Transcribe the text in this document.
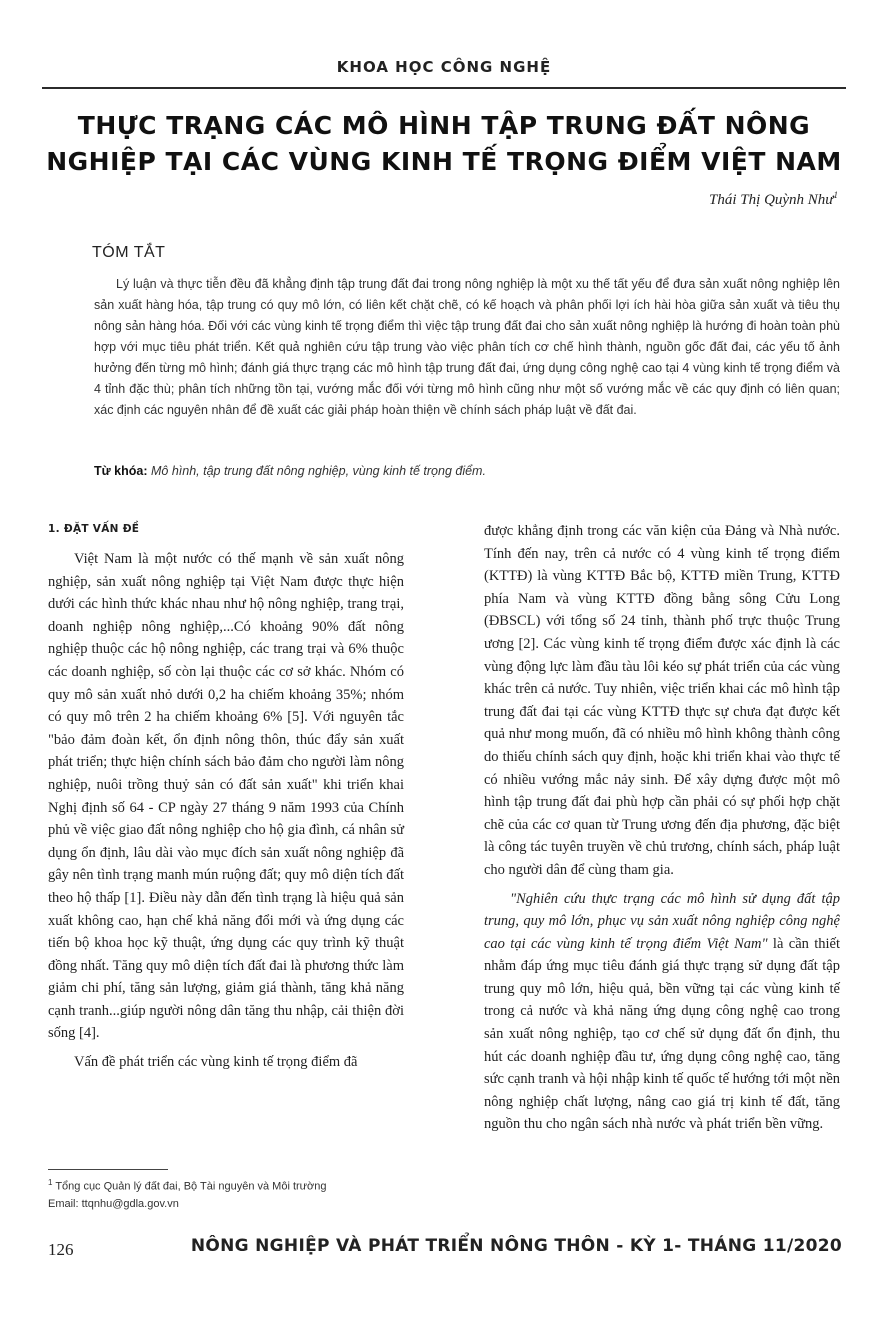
KHOA HỌC CÔNG NGHỆ
THỰC TRẠNG CÁC MÔ HÌNH TẬP TRUNG ĐẤT NÔNG
NGHIỆP TẠI CÁC VÙNG KINH TẾ TRỌNG ĐIỂM VIỆT NAM
Thái Thị Quỳnh Như$^1$
TÓM TẮT
Lý luận và thực tiễn đều đã khẳng định tập trung đất đai trong nông nghiệp là một xu thế tất yếu để đưa sản xuất nông nghiệp lên sản xuất hàng hóa, tập trung có quy mô lớn, có liên kết chặt chẽ, có kế hoạch và phân phối lợi ích hài hòa giữa sản xuất và tiêu thụ nông sản hàng hóa. Đối với các vùng kinh tế trọng điểm thì việc tập trung đất đai cho sản xuất nông nghiệp là hướng đi hoàn toàn phù hợp với mục tiêu phát triển. Kết quả nghiên cứu tập trung vào việc phân tích cơ chế hình thành, nguồn gốc đất đai, các yếu tố ảnh hưởng đến từng mô hình; đánh giá thực trạng các mô hình tập trung đất đai, ứng dụng công nghệ cao tại 4 vùng kinh tế trọng điểm và 4 tỉnh đặc thù; phân tích những tồn tại, vướng mắc đối với từng mô hình cũng như một số vướng mắc về các quy định có liên quan; xác định các nguyên nhân để đề xuất các giải pháp hoàn thiện về chính sách pháp luật về đất đai.
Từ khóa: Mô hình, tập trung đất nông nghiệp, vùng kinh tế trọng điểm.
1. ĐẶT VẤN ĐỀ

Việt Nam là một nước có thế mạnh về sản xuất nông nghiệp, sản xuất nông nghiệp tại Việt Nam được thực hiện dưới các hình thức khác nhau như hộ nông nghiệp, trang trại, doanh nghiệp nông nghiệp,...Có khoảng 90% đất nông nghiệp thuộc các hộ nông nghiệp, các trang trại và 6% thuộc các doanh nghiệp, số còn lại thuộc các cơ sở khác. Nhóm có quy mô sản xuất nhỏ dưới 0,2 ha chiếm khoảng 35%; nhóm có quy mô trên 2 ha chiếm khoảng 6% [5]. Với nguyên tắc "bảo đảm đoàn kết, ổn định nông thôn, thúc đẩy sản xuất phát triển; thực hiện chính sách bảo đảm cho người làm nông nghiệp, nuôi trồng thuỷ sản có đất sản xuất" khi triển khai Nghị định số 64 - CP ngày 27 tháng 9 năm 1993 của Chính phủ về việc giao đất nông nghiệp cho hộ gia đình, cá nhân sử dụng ổn định, lâu dài vào mục đích sản xuất nông nghiệp đã gây nên tình trạng manh mún ruộng đất; quy mô diện tích đất theo hộ thấp [1]. Điều này dẫn đến tình trạng là hiệu quả sản xuất không cao, hạn chế khả năng đổi mới và ứng dụng các tiến bộ khoa học kỹ thuật, ứng dụng các quy trình kỹ thuật đồng nhất. Tăng quy mô diện tích đất đai là phương thức làm giảm chi phí, tăng sản lượng, giảm giá thành, tăng khả năng cạnh tranh...giúp người nông dân tăng thu nhập, cải thiện đời sống [4].

Vấn đề phát triển các vùng kinh tế trọng điểm đã

được khẳng định trong các văn kiện của Đảng và Nhà nước. Tính đến nay, trên cả nước có 4 vùng kinh tế trọng điểm (KTTĐ) là vùng KTTĐ Bắc bộ, KTTĐ miền Trung, KTTĐ phía Nam và vùng KTTĐ đồng bằng sông Cửu Long (ĐBSCL) với tổng số 24 tỉnh, thành phố trực thuộc Trung ương [2]. Các vùng kinh tế trọng điểm được xác định là các vùng động lực làm đầu tàu lôi kéo sự phát triển của các vùng khác trên cả nước. Tuy nhiên, việc triển khai các mô hình tập trung đất đai tại các vùng KTTĐ thực sự chưa đạt được kết quả như mong muốn, đã có nhiều mô hình không thành công do thiếu chính sách quy định, hoặc khi triển khai vào thực tế có nhiều vướng mắc nảy sinh. Để xây dựng được một mô hình tập trung đất đai phù hợp cần phải có sự phối hợp chặt chẽ của các cơ quan từ Trung ương đến địa phương, đặc biệt là công tác tuyên truyền về chủ trương, chính sách, pháp luật cho người dân để cùng tham gia.

"Nghiên cứu thực trạng các mô hình sử dụng đất tập trung, quy mô lớn, phục vụ sản xuất nông nghiệp công nghệ cao tại các vùng kinh tế trọng điểm Việt Nam" là cần thiết nhằm đáp ứng mục tiêu đánh giá thực trạng sử dụng đất tập trung quy mô lớn, hiệu quả, bền vững tại các vùng kinh tế trong cả nước và khả năng ứng dụng công nghệ cao trong sản xuất nông nghiệp, tạo cơ chế sử dụng đất ổn định, thu hút các doanh nghiệp đầu tư, ứng dụng công nghệ cao, tăng sức cạnh tranh và hội nhập kinh tế quốc tế hướng tới một nền nông nghiệp chất lượng, nâng cao giá trị kinh tế đất, tăng nguồn thu cho ngân sách nhà nước và phát triển bền vững.

$^1$ Tổng cục Quản lý đất đai, Bộ Tài nguyên và Môi trường
Email: ttqnhu@gdla.gov.vn
126	NÔNG NGHIỆP VÀ PHÁT TRIỂN NÔNG THÔN - KỲ 1- THÁNG 11/2020
